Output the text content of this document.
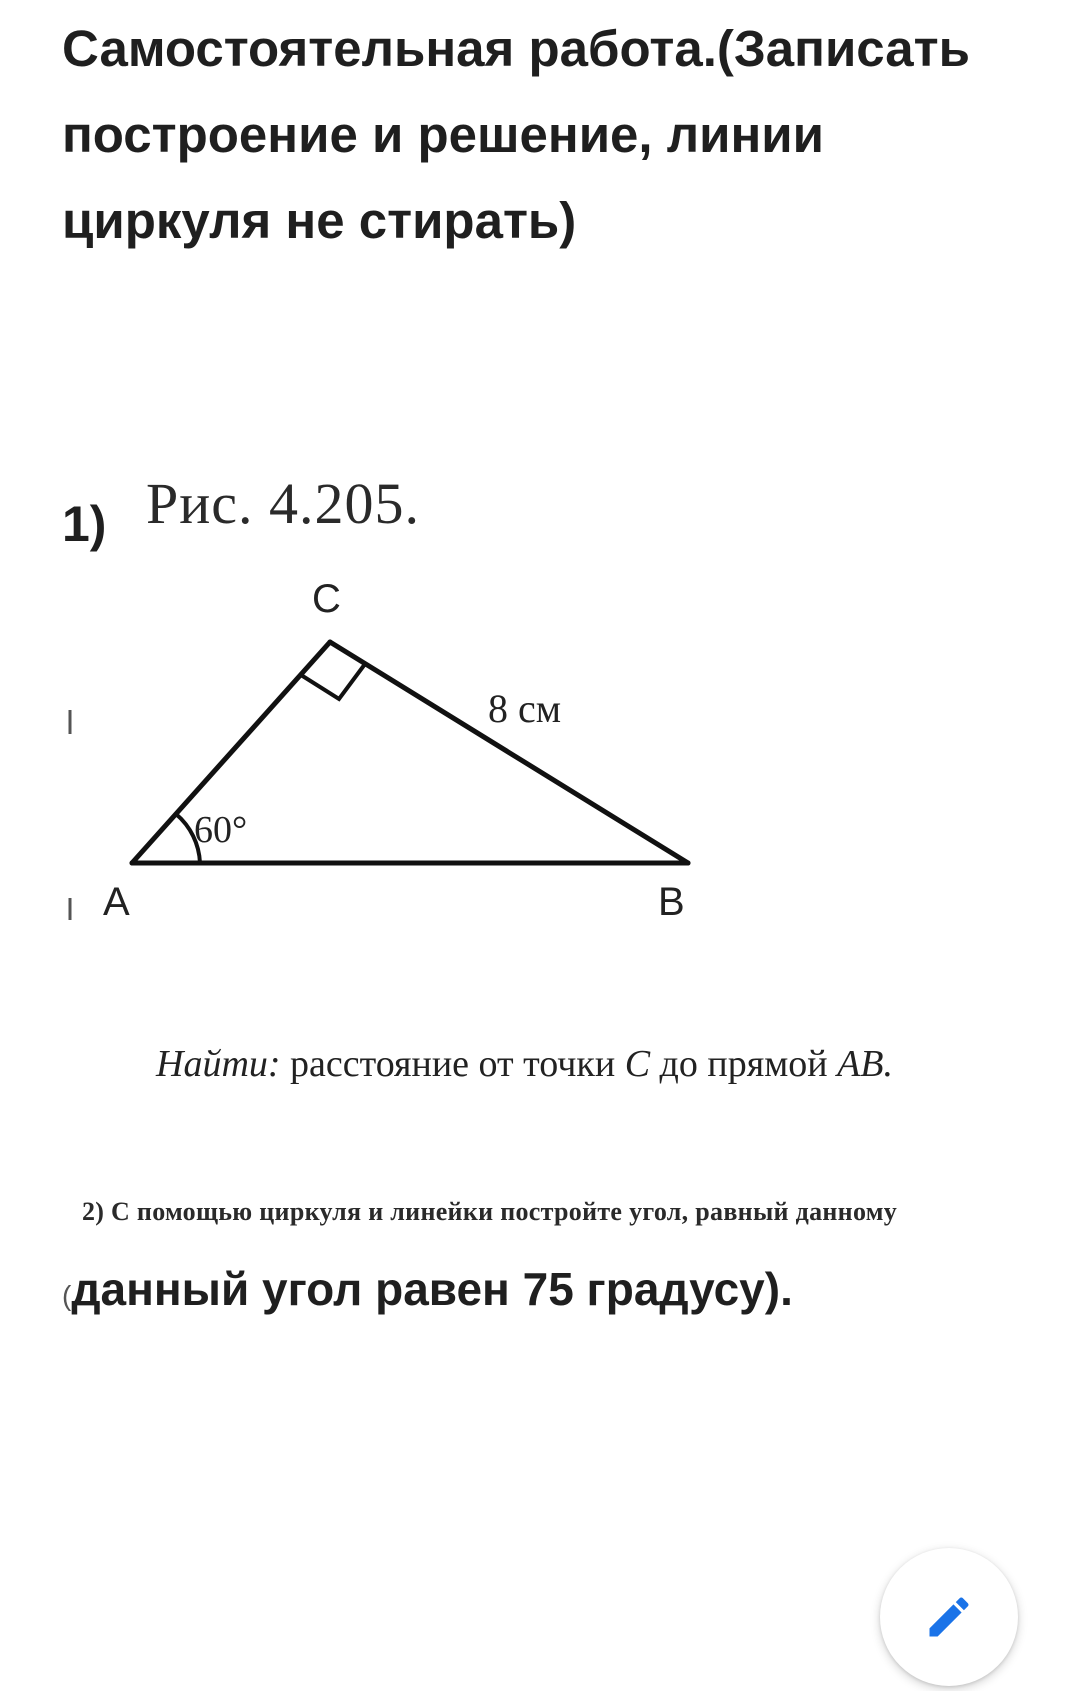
Самостоятельная работа.(Записать построение и решение, линии циркуля не стирать)
1) Рис. 4.205.
C
A	B
60°
8 см

Найти: расстояние от точки C до прямой AB.

2) С помощью циркуля и линейки постройте угол, равный данному

(данный угол равен 75 градусу).
